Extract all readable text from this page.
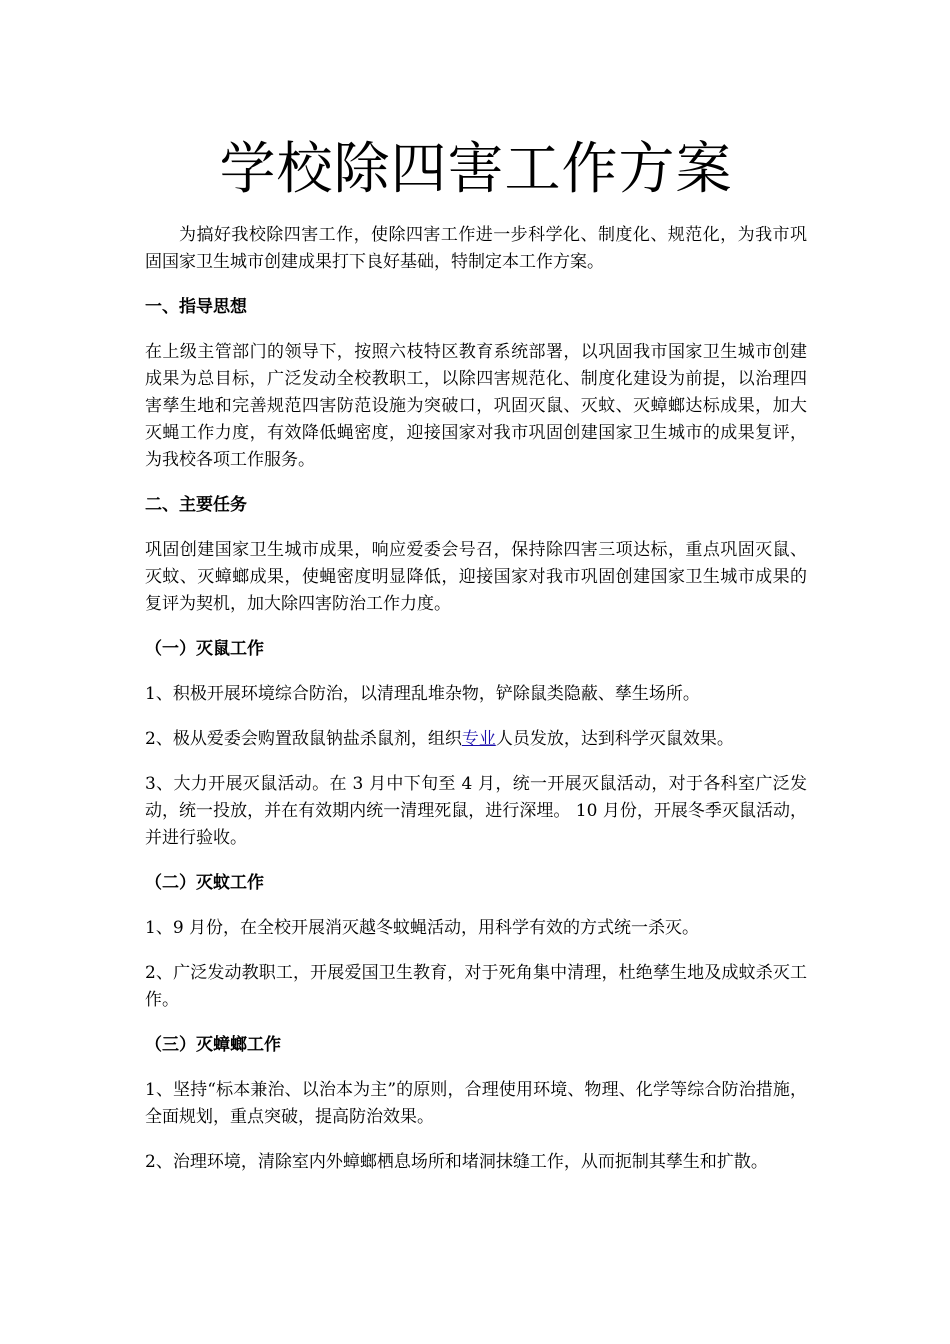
学校除四害工作方案

为搞好我校除四害工作，使除四害工作进一步科学化、制度化、规范化，为我市巩固国家卫生城市创建成果打下良好基础，特制定本工作方案。

一、指导思想

在上级主管部门的领导下，按照六枝特区教育系统部署，以巩固我市国家卫生城市创建成果为总目标，广泛发动全校教职工，以除四害规范化、制度化建设为前提，以治理四害孳生地和完善规范四害防范设施为突破口，巩固灭鼠、灭蚊、灭蟑螂达标成果，加大灭蝇工作力度，有效降低蝇密度，迎接国家对我市巩固创建国家卫生城市的成果复评，为我校各项工作服务。

二、主要任务

巩固创建国家卫生城市成果，响应爱委会号召，保持除四害三项达标，重点巩固灭鼠、灭蚊、灭蟑螂成果，使蝇密度明显降低，迎接国家对我市巩固创建国家卫生城市成果的复评为契机，加大除四害防治工作力度。

（一）灭鼠工作

1、积极开展环境综合防治，以清理乱堆杂物，铲除鼠类隐蔽、孳生场所。

2、极从爱委会购置敌鼠钠盐杀鼠剂，组织专业人员发放，达到科学灭鼠效果。

3、大力开展灭鼠活动。在 3 月中下旬至 4 月，统一开展灭鼠活动，对于各科室广泛发动，统一投放，并在有效期内统一清理死鼠，进行深埋。 10 月份，开展冬季灭鼠活动，并进行验收。

（二）灭蚊工作

1、9 月份，在全校开展消灭越冬蚊蝇活动，用科学有效的方式统一杀灭。

2、广泛发动教职工，开展爱国卫生教育，对于死角集中清理，杜绝孳生地及成蚊杀灭工作。

（三）灭蟑螂工作

1、坚持“标本兼治、以治本为主”的原则，合理使用环境、物理、化学等综合防治措施，全面规划，重点突破，提高防治效果。

2、治理环境，清除室内外蟑螂栖息场所和堵洞抹缝工作，从而扼制其孳生和扩散。
